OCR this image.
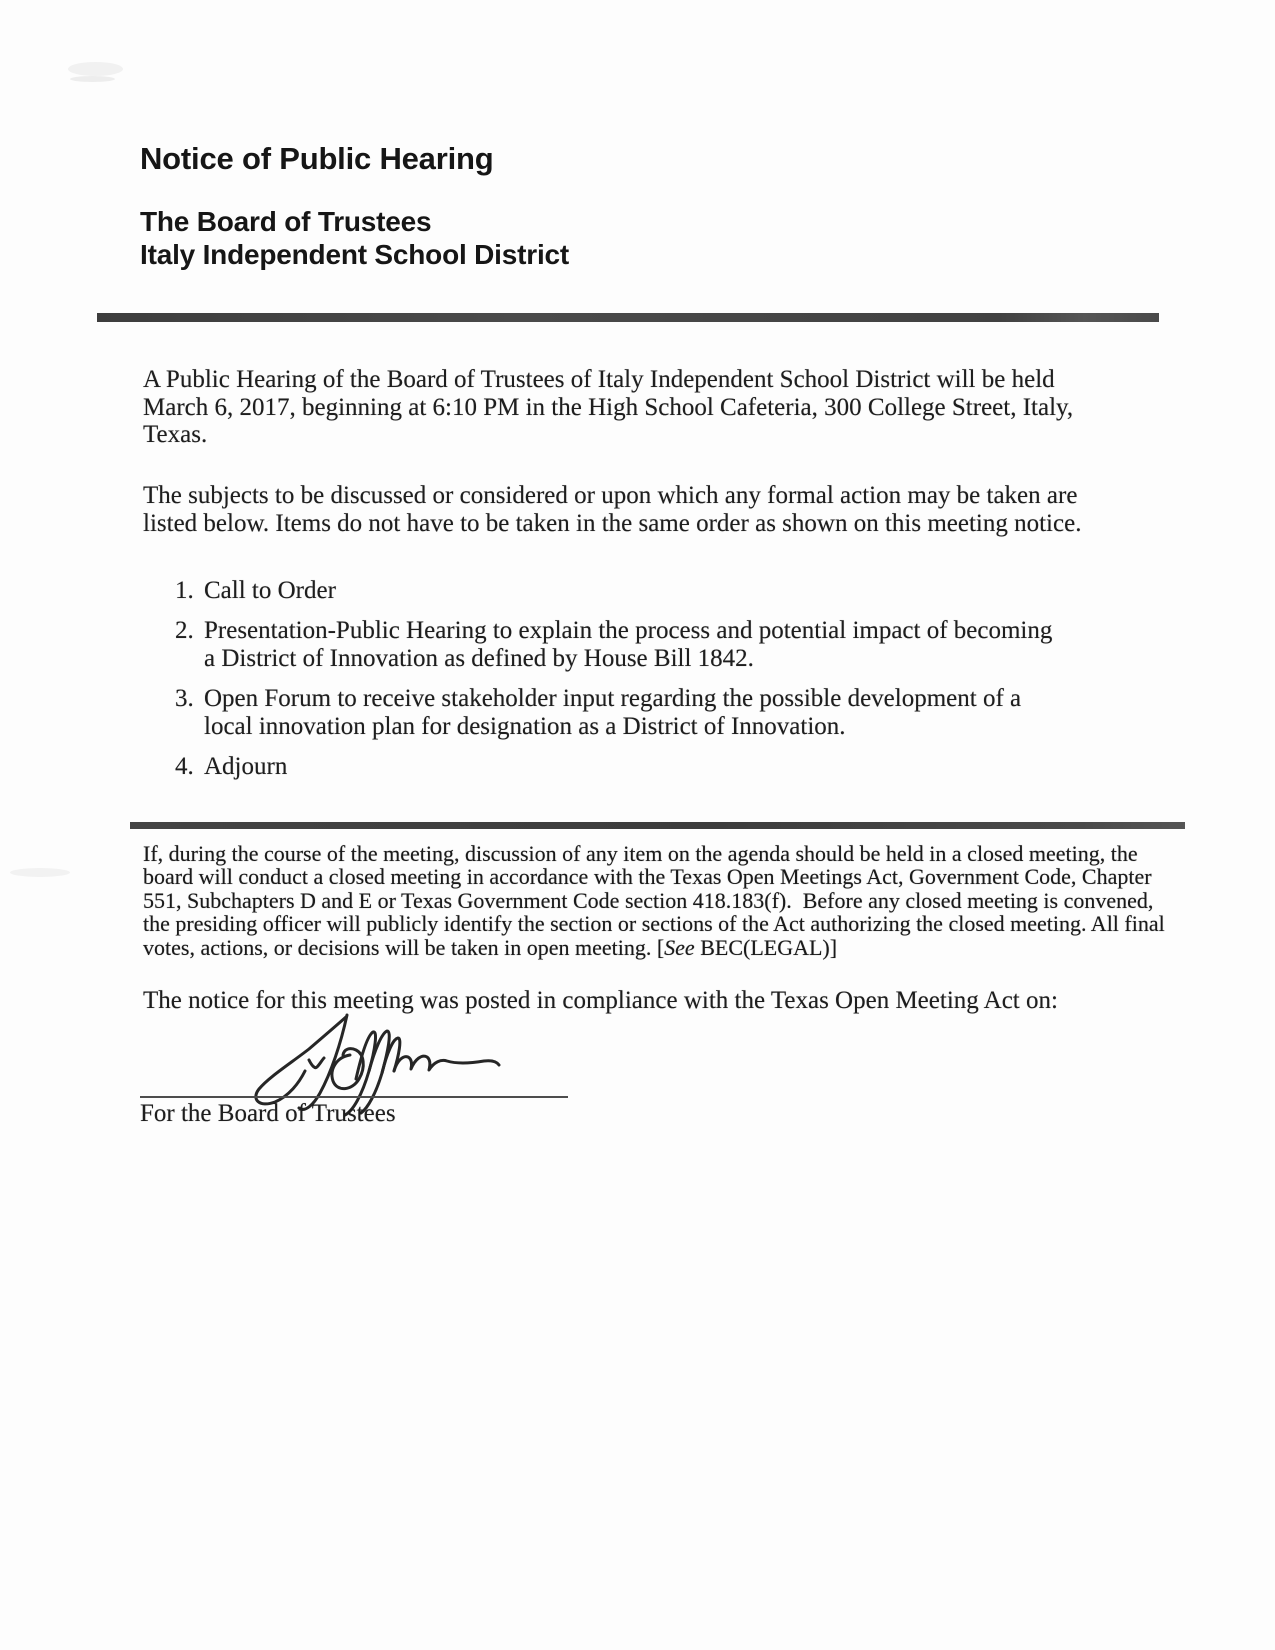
Notice of Public Hearing
The Board of Trustees
Italy Independent School District
A Public Hearing of the Board of Trustees of Italy Independent School District will be held
March 6, 2017, beginning at 6:10 PM in the High School Cafeteria, 300 College Street, Italy,
Texas.
The subjects to be discussed or considered or upon which any formal action may be taken are
listed below. Items do not have to be taken in the same order as shown on this meeting notice.
1. Call to Order
2. Presentation-Public Hearing to explain the process and potential impact of becoming
a District of Innovation as defined by House Bill 1842.
3. Open Forum to receive stakeholder input regarding the possible development of a
local innovation plan for designation as a District of Innovation.
4. Adjourn
If, during the course of the meeting, discussion of any item on the agenda should be held in a closed meeting, the
board will conduct a closed meeting in accordance with the Texas Open Meetings Act, Government Code, Chapter
551, Subchapters D and E or Texas Government Code section 418.183(f).  Before any closed meeting is convened,
the presiding officer will publicly identify the section or sections of the Act authorizing the closed meeting. All final
votes, actions, or decisions will be taken in open meeting. [See BEC(LEGAL)]
The notice for this meeting was posted in compliance with the Texas Open Meeting Act on:
For the Board of Trustees
